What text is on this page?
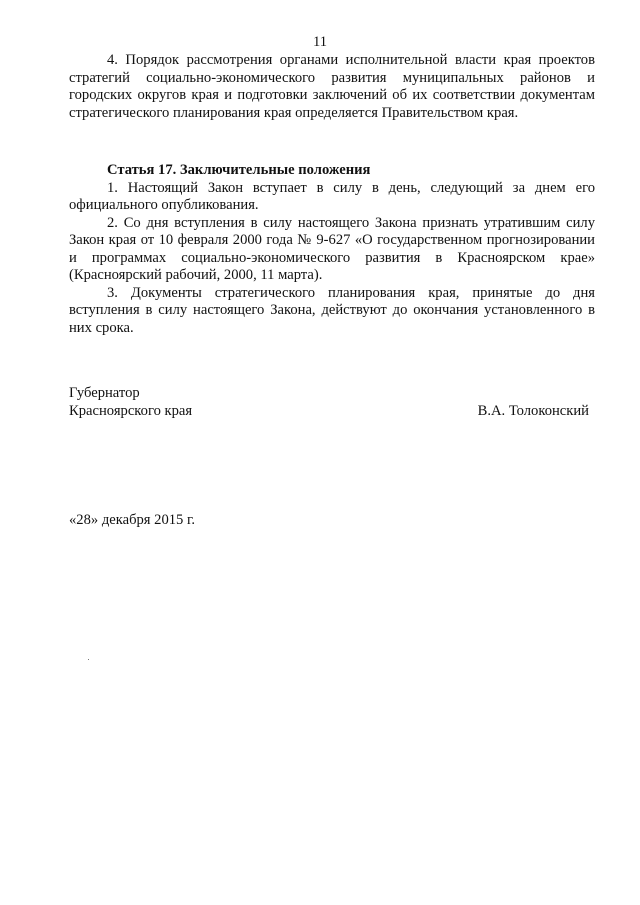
11

4. Порядок рассмотрения органами исполнительной власти края проектов стратегий социально-экономического развития муниципальных районов и городских округов края и подготовки заключений об их соответствии документам стратегического планирования края определяется Правительством края.

Статья 17. Заключительные положения

1. Настоящий Закон вступает в силу в день, следующий за днем его официального опубликования.

2. Со дня вступления в силу настоящего Закона признать утратившим силу Закон края от 10 февраля 2000 года № 9-627 «О государственном прогнозировании и программах социально-экономического развития в Красноярском крае» (Красноярский рабочий, 2000, 11 марта).

3. Документы стратегического планирования края, принятые до дня вступления в силу настоящего Закона, действуют до окончания установленного в них срока.

Губернатор
Красноярского края	В.А. Толоконский
«28» декабря 2015 г.
